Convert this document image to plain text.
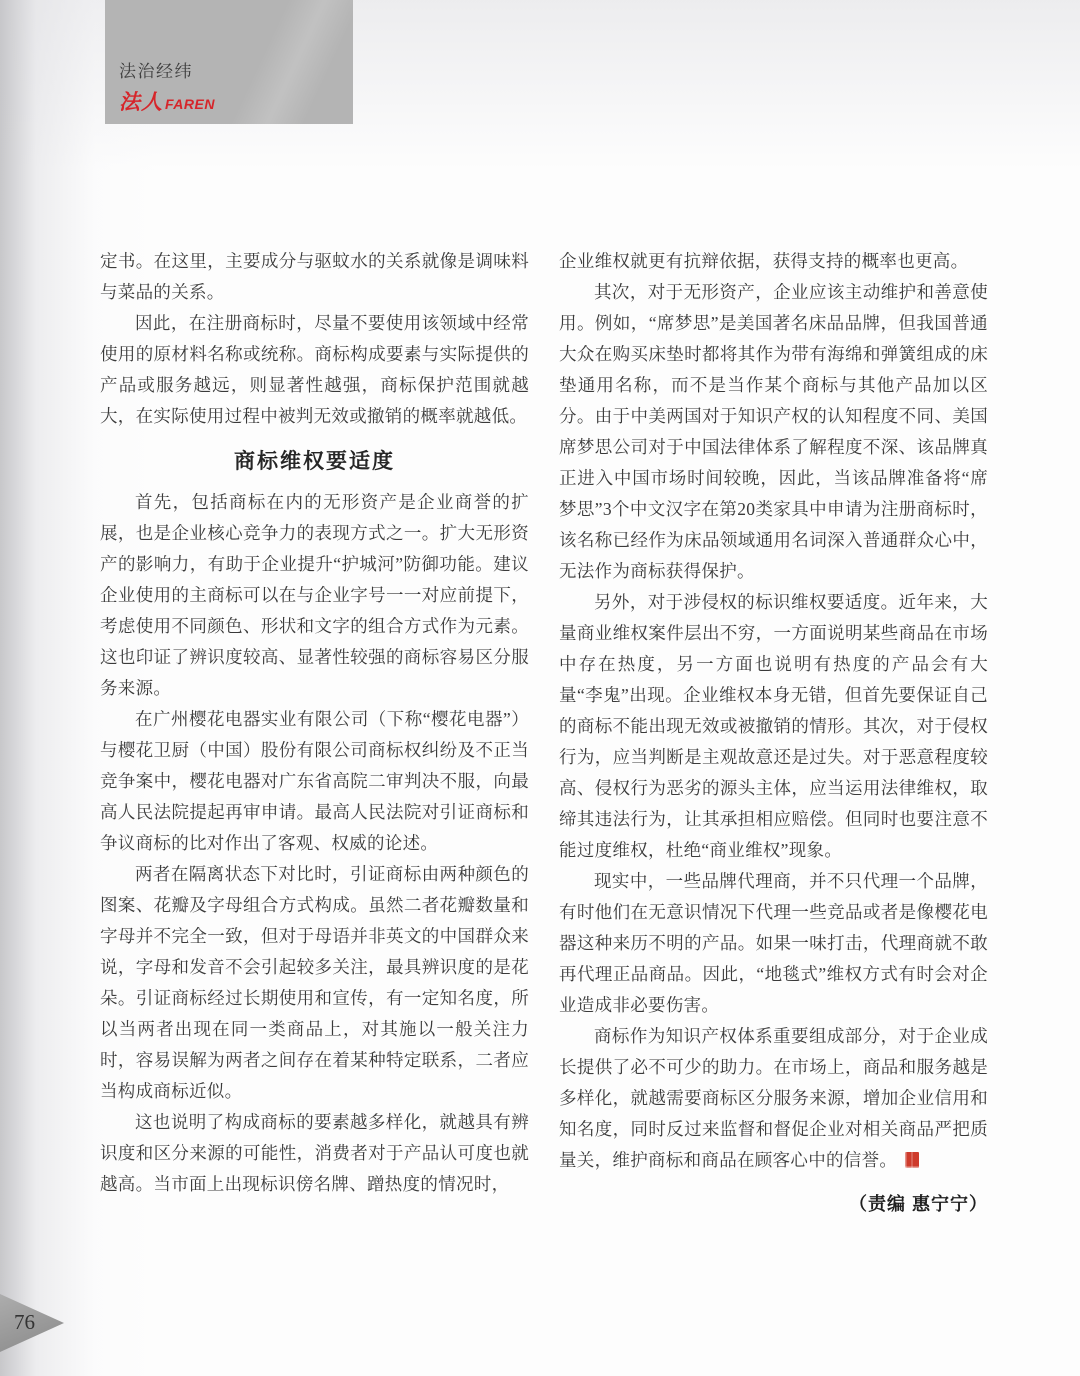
法治经纬
法人 FAREN

定书。在这里，主要成分与驱蚊水的关系就像是调味料与菜品的关系。

因此，在注册商标时，尽量不要使用该领域中经常使用的原材料名称或统称。商标构成要素与实际提供的产品或服务越远，则显著性越强，商标保护范围就越大，在实际使用过程中被判无效或撤销的概率就越低。

商标维权要适度

首先，包括商标在内的无形资产是企业商誉的扩展，也是企业核心竞争力的表现方式之一。扩大无形资产的影响力，有助于企业提升“护城河”防御功能。建议企业使用的主商标可以在与企业字号一一对应前提下，考虑使用不同颜色、形状和文字的组合方式作为元素。这也印证了辨识度较高、显著性较强的商标容易区分服务来源。

在广州樱花电器实业有限公司（下称“樱花电器”）与樱花卫厨（中国）股份有限公司商标权纠纷及不正当竞争案中，樱花电器对广东省高院二审判决不服，向最高人民法院提起再审申请。最高人民法院对引证商标和争议商标的比对作出了客观、权威的论述。

两者在隔离状态下对比时，引证商标由两种颜色的图案、花瓣及字母组合方式构成。虽然二者花瓣数量和字母并不完全一致，但对于母语并非英文的中国群众来说，字母和发音不会引起较多关注，最具辨识度的是花朵。引证商标经过长期使用和宣传，有一定知名度，所以当两者出现在同一类商品上，对其施以一般关注力时，容易误解为两者之间存在着某种特定联系，二者应当构成商标近似。

这也说明了构成商标的要素越多样化，就越具有辨识度和区分来源的可能性，消费者对于产品认可度也就越高。当市面上出现标识傍名牌、蹭热度的情况时，

企业维权就更有抗辩依据，获得支持的概率也更高。

其次，对于无形资产，企业应该主动维护和善意使用。例如，“席梦思”是美国著名床品品牌，但我国普通大众在购买床垫时都将其作为带有海绵和弹簧组成的床垫通用名称，而不是当作某个商标与其他产品加以区分。由于中美两国对于知识产权的认知程度不同、美国席梦思公司对于中国法律体系了解程度不深、该品牌真正进入中国市场时间较晚，因此，当该品牌准备将“席梦思”3个中文汉字在第20类家具中申请为注册商标时，该名称已经作为床品领域通用名词深入普通群众心中，无法作为商标获得保护。

另外，对于涉侵权的标识维权要适度。近年来，大量商业维权案件层出不穷，一方面说明某些商品在市场中存在热度，另一方面也说明有热度的产品会有大量“李鬼”出现。企业维权本身无错，但首先要保证自己的商标不能出现无效或被撤销的情形。其次，对于侵权行为，应当判断是主观故意还是过失。对于恶意程度较高、侵权行为恶劣的源头主体，应当运用法律维权，取缔其违法行为，让其承担相应赔偿。但同时也要注意不能过度维权，杜绝“商业维权”现象。

现实中，一些品牌代理商，并不只代理一个品牌，有时他们在无意识情况下代理一些竞品或者是像樱花电器这种来历不明的产品。如果一味打击，代理商就不敢再代理正品商品。因此，“地毯式”维权方式有时会对企业造成非必要伤害。

商标作为知识产权体系重要组成部分，对于企业成长提供了必不可少的助力。在市场上，商品和服务越是多样化，就越需要商标区分服务来源，增加企业信用和知名度，同时反过来监督和督促企业对相关商品严把质量关，维护商标和商品在顾客心中的信誉。

（责编 惠宁宁）
76
